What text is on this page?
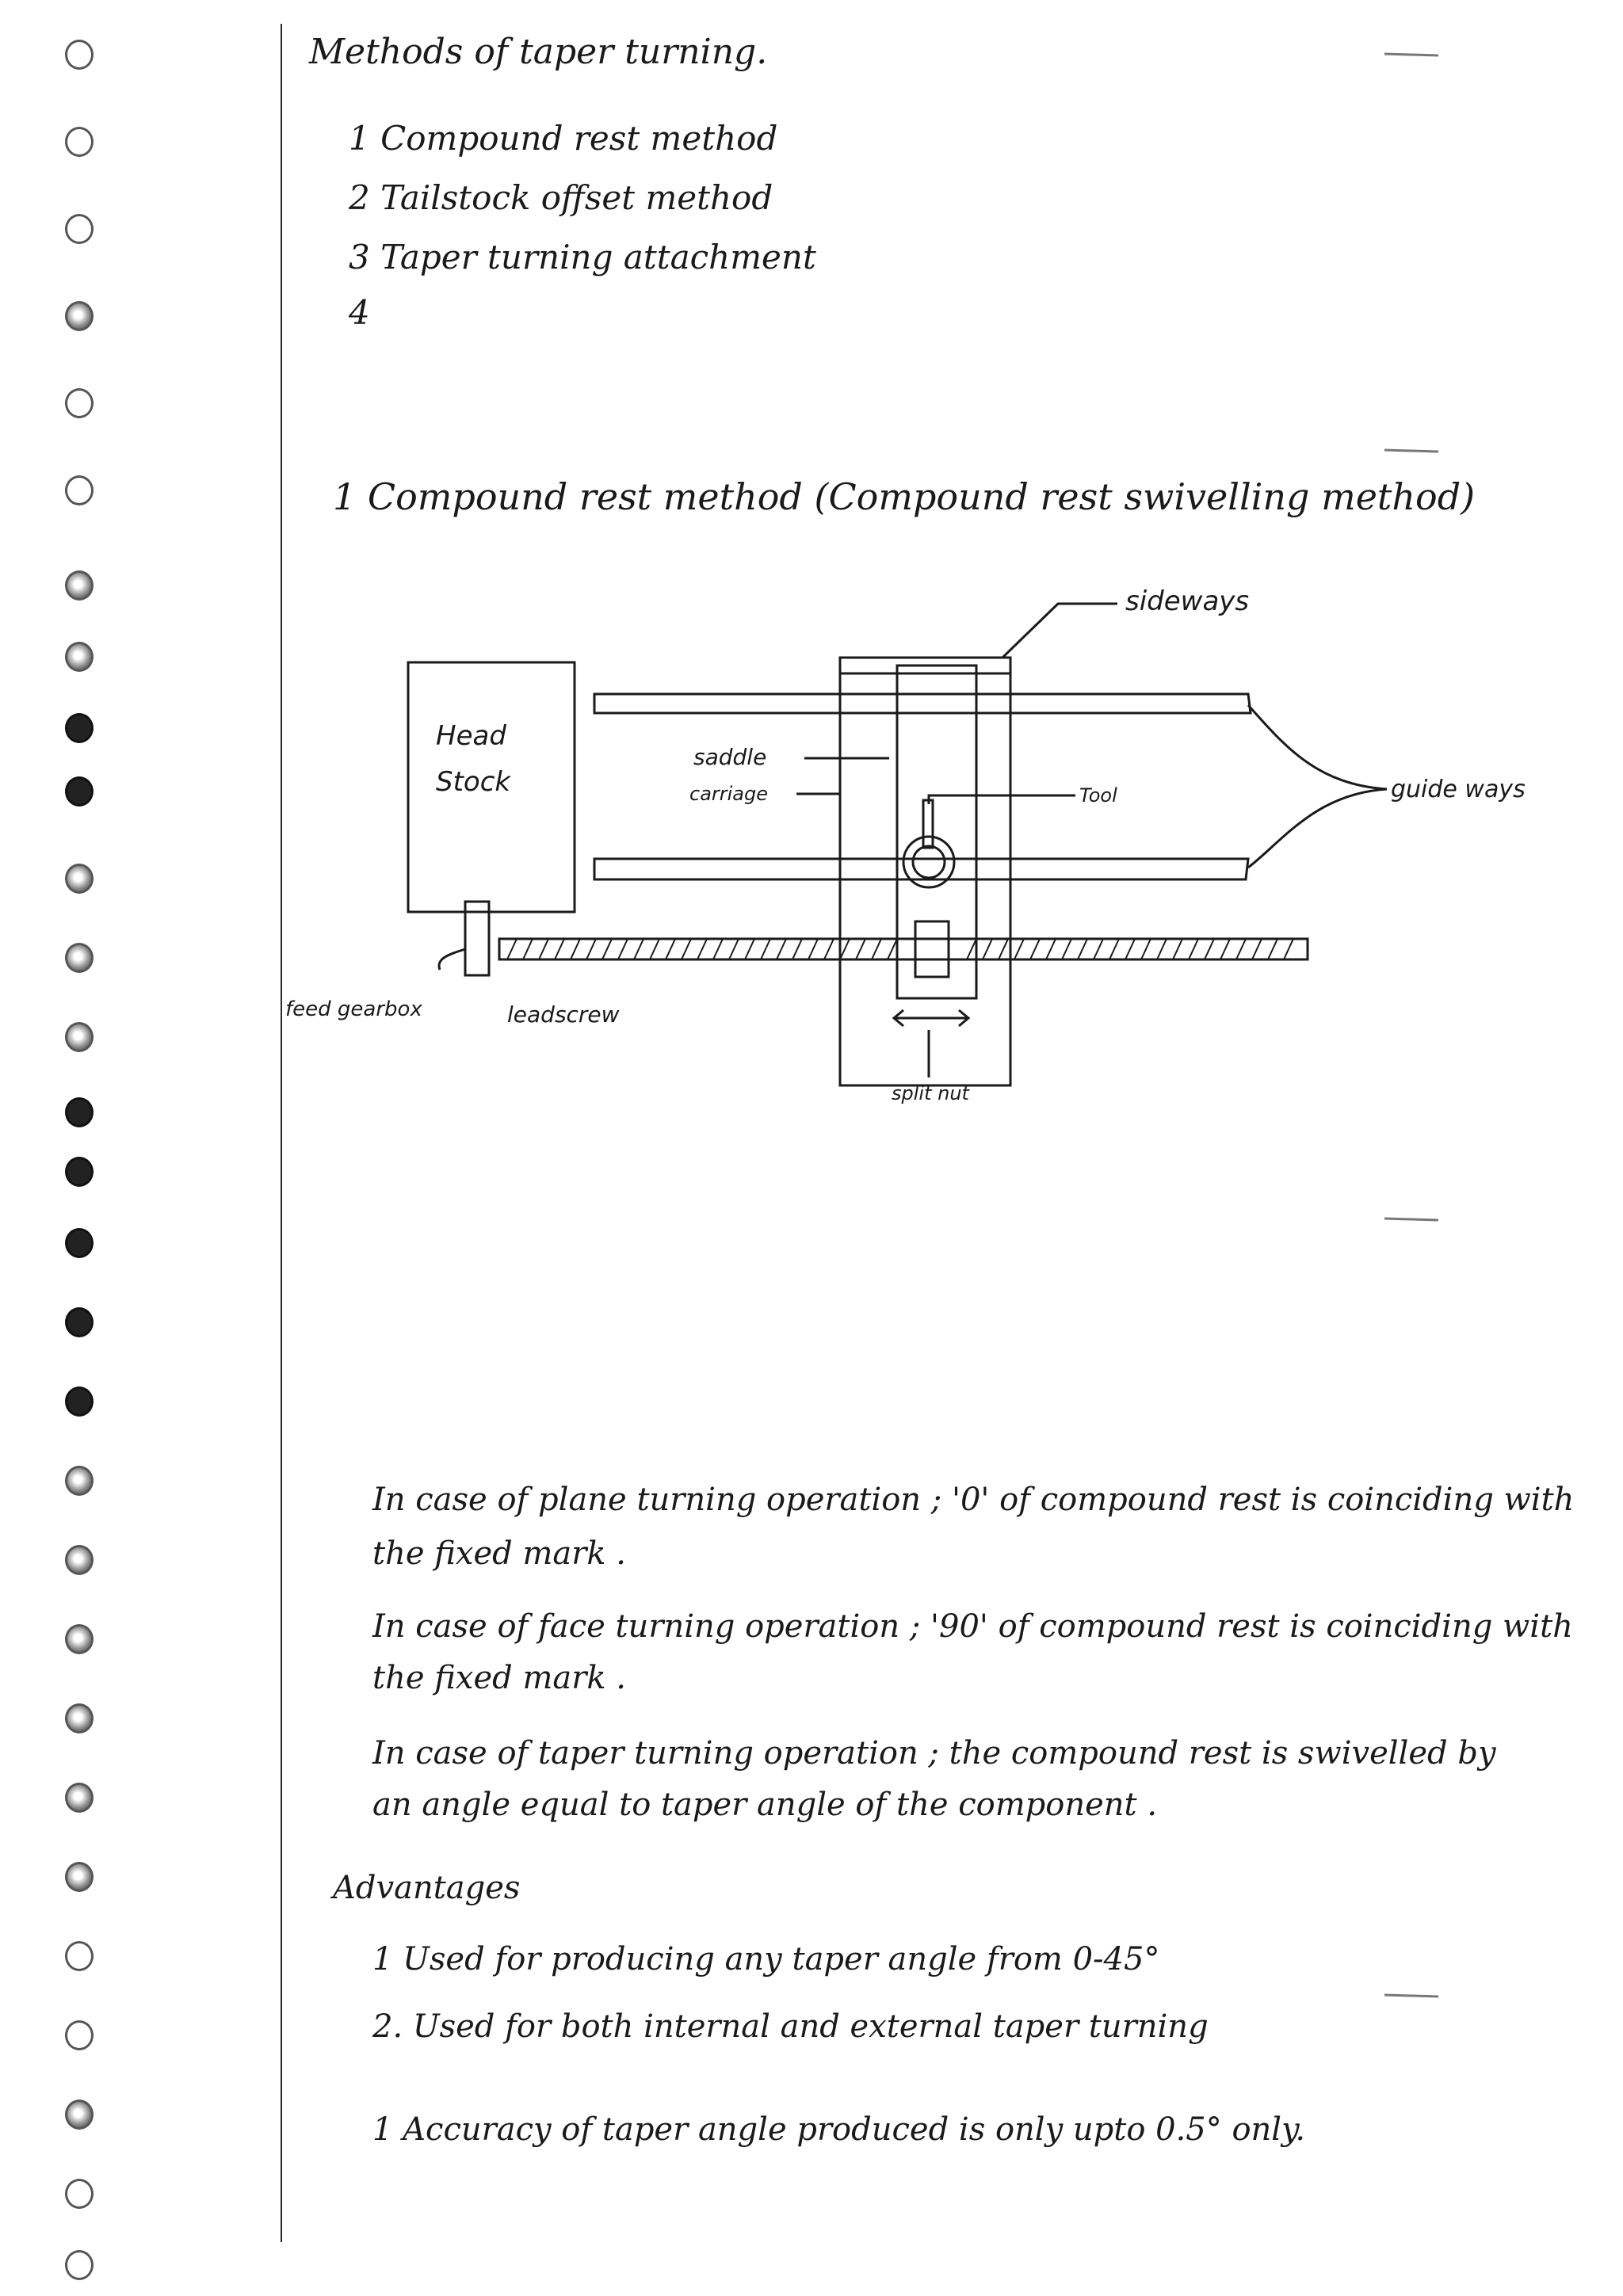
Methods of taper turning.
1 Compound rest method
2 Tailstock offset method
3 Taper turning attachment
4
1 Compound rest method (Compound rest swivelling method)
sideways
Head
Stock
saddle
carriage	Tool	guide ways
feed gearbox	leadscrew
split nut
In case of plane turning operation ; '0' of compound rest is coinciding with
the fixed mark .
In case of face turning operation ; '90' of compound rest is coinciding with
the fixed mark .
In case of taper turning operation ; the compound rest is swivelled by
an angle equal to taper angle of the component .
Advantages
1 Used for producing any taper angle from 0-45°
2. Used for both internal and external taper turning
1 Accuracy of taper angle produced is only upto 0.5° only.
